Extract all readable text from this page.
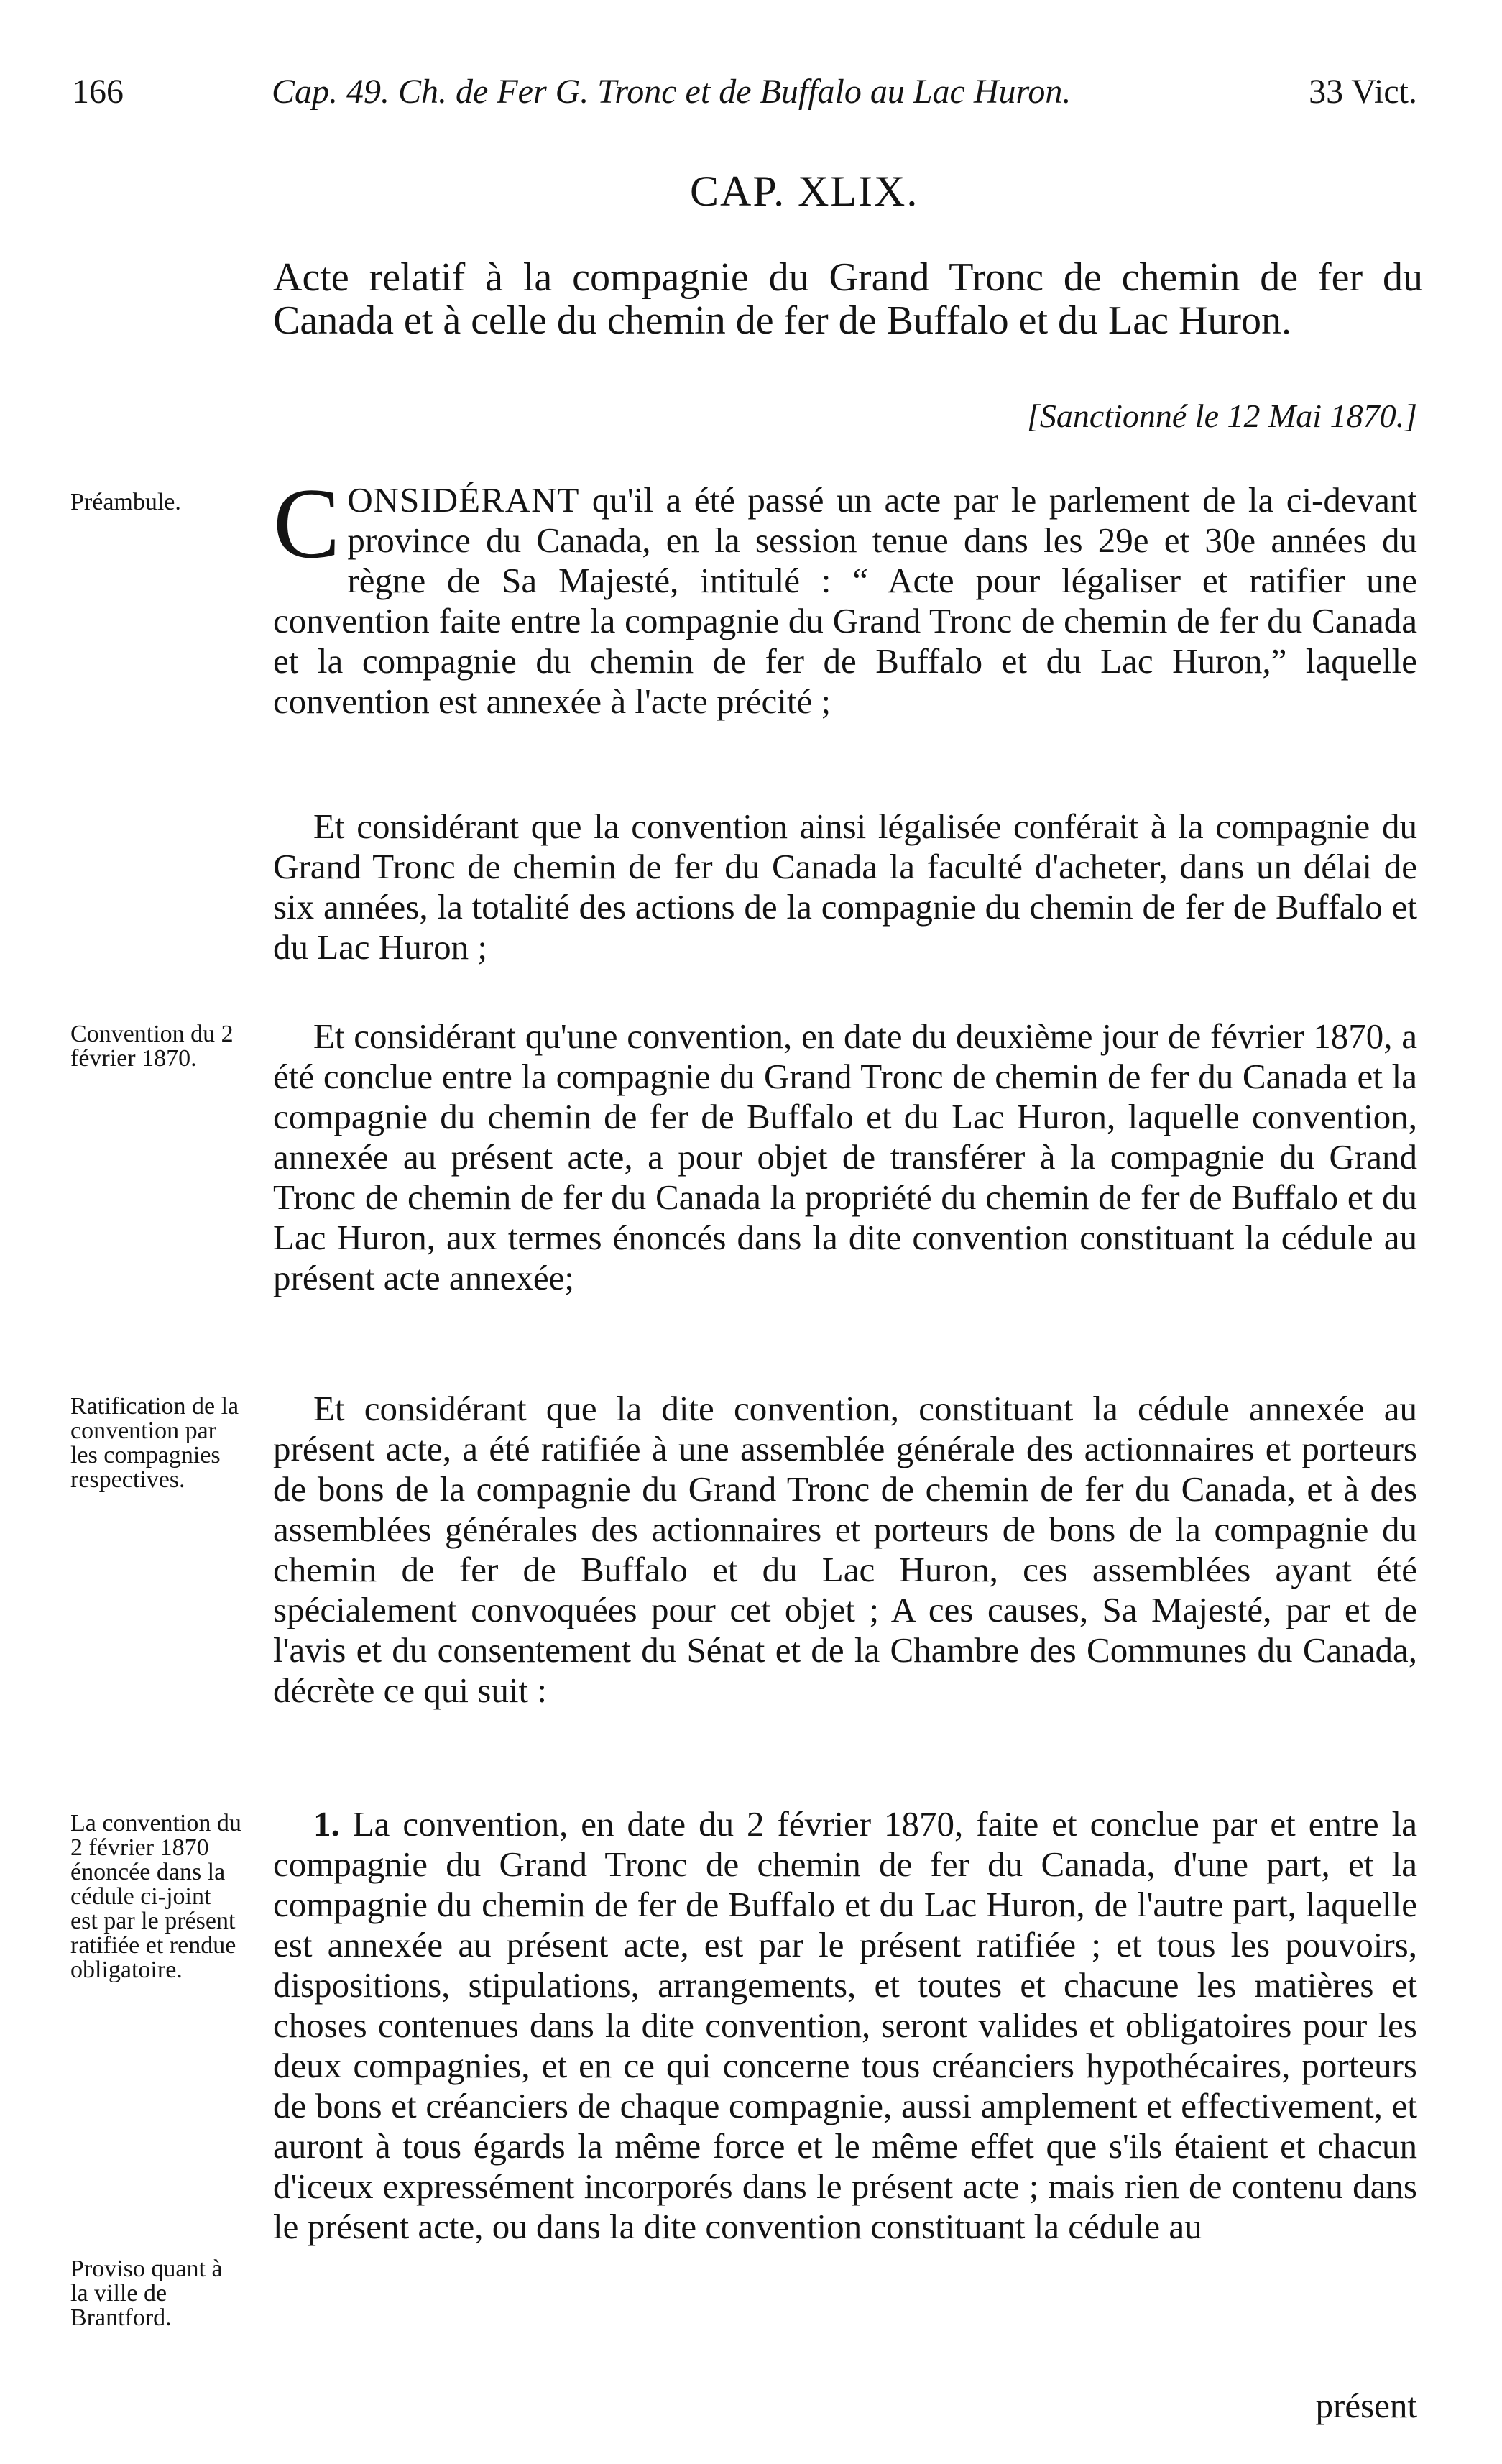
166	Cap. 49. Ch. de Fer G. Tronc et de Buffalo au Lac Huron.	33 Vict.
CAP. XLIX.
Acte relatif à la compagnie du Grand Tronc de chemin de fer du Canada et à celle du chemin de fer de Buffalo et du Lac Huron.
[Sanctionné le 12 Mai 1870.]
Préambule.
Convention du 2 février 1870.
Ratification de la convention par les compagnies respectives.
La convention du 2 février 1870 énoncée dans la cédule ci-joint est par le présent ratifiée et rendue obligatoire.
Proviso quant à la ville de Brantford.
CONSIDÉRANT qu'il a été passé un acte par le parlement de la ci-devant province du Canada, en la session tenue dans les 29e et 30e années du règne de Sa Majesté, intitulé : “ Acte pour légaliser et ratifier une convention faite entre la compagnie du Grand Tronc de chemin de fer du Canada et la compagnie du chemin de fer de Buffalo et du Lac Huron,” laquelle convention est annexée à l'acte précité ;
Et considérant que la convention ainsi légalisée conférait à la compagnie du Grand Tronc de chemin de fer du Canada la faculté d'acheter, dans un délai de six années, la totalité des actions de la compagnie du chemin de fer de Buffalo et du Lac Huron ;
Et considérant qu'une convention, en date du deuxième jour de février 1870, a été conclue entre la compagnie du Grand Tronc de chemin de fer du Canada et la compagnie du chemin de fer de Buffalo et du Lac Huron, laquelle convention, annexée au présent acte, a pour objet de transférer à la compagnie du Grand Tronc de chemin de fer du Canada la propriété du chemin de fer de Buffalo et du Lac Huron, aux termes énoncés dans la dite convention constituant la cédule au présent acte annexée;
Et considérant que la dite convention, constituant la cédule annexée au présent acte, a été ratifiée à une assemblée générale des actionnaires et porteurs de bons de la compagnie du Grand Tronc de chemin de fer du Canada, et à des assemblées générales des actionnaires et porteurs de bons de la compagnie du chemin de fer de Buffalo et du Lac Huron, ces assemblées ayant été spécialement convoquées pour cet objet ; A ces causes, Sa Majesté, par et de l'avis et du consentement du Sénat et de la Chambre des Communes du Canada, décrète ce qui suit :
1. La convention, en date du 2 février 1870, faite et conclue par et entre la compagnie du Grand Tronc de chemin de fer du Canada, d'une part, et la compagnie du chemin de fer de Buffalo et du Lac Huron, de l'autre part, laquelle est annexée au présent acte, est par le présent ratifiée ; et tous les pouvoirs, dispositions, stipulations, arrangements, et toutes et chacune les matières et choses contenues dans la dite convention, seront valides et obligatoires pour les deux compagnies, et en ce qui concerne tous créanciers hypothécaires, porteurs de bons et créanciers de chaque compagnie, aussi amplement et effectivement, et auront à tous égards la même force et le même effet que s'ils étaient et chacun d'iceux expressément incorporés dans le présent acte ; mais rien de contenu dans le présent acte, ou dans la dite convention constituant la cédule au
présent
